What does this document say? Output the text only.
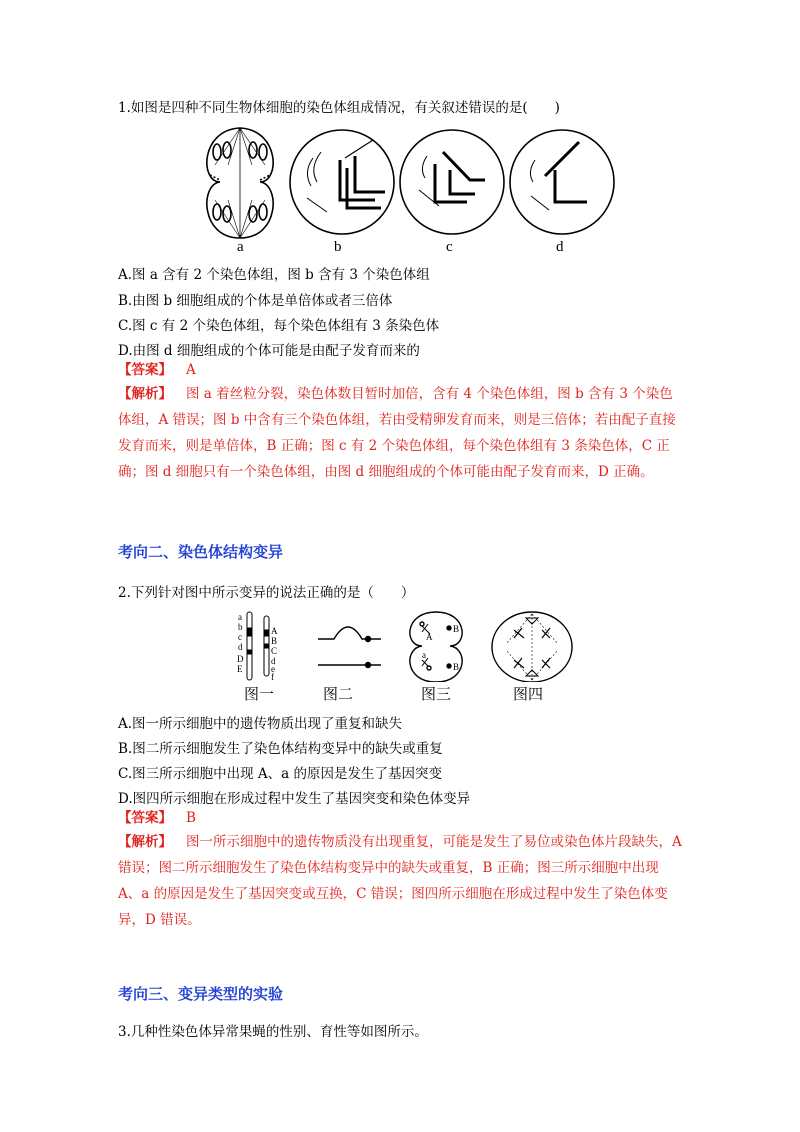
1.如图是四种不同生物体细胞的染色体组成情况，有关叙述错误的是(　　)
a	b	c	d
A.图 a 含有 2 个染色体组，图 b 含有 3 个染色体组
B.由图 b 细胞组成的个体是单倍体或者三倍体
C.图 c 有 2 个染色体组，每个染色体组有 3 条染色体
D.由图 d 细胞组成的个体可能是由配子发育而来的
【答案】 A
【解析】 图 a 着丝粒分裂，染色体数目暂时加倍，含有 4 个染色体组，图 b 含有 3 个染色体组，A 错误；图 b 中含有三个染色体组，若由受精卵发育而来，则是三倍体；若由配子直接发育而来，则是单倍体，B 正确；图 c 有 2 个染色体组，每个染色体组有 3 条染色体，C 正确；图 d 细胞只有一个染色体组，由图 d 细胞组成的个体可能由配子发育而来，D 正确。
考向二、染色体结构变异
2.下列针对图中所示变异的说法正确的是（　　）
a
b
c
d
D
E
A
B
C
d
e
f
A
B
a
B
图一	图二	图三	图四
A.图一所示细胞中的遗传物质出现了重复和缺失
B.图二所示细胞发生了染色体结构变异中的缺失或重复
C.图三所示细胞中出现 A、a 的原因是发生了基因突变
D.图四所示细胞在形成过程中发生了基因突变和染色体变异
【答案】 B
【解析】 图一所示细胞中的遗传物质没有出现重复，可能是发生了易位或染色体片段缺失，A 错误；图二所示细胞发生了染色体结构变异中的缺失或重复，B 正确；图三所示细胞中出现 A、a 的原因是发生了基因突变或互换，C 错误；图四所示细胞在形成过程中发生了染色体变异，D 错误。
考向三、变异类型的实验
3.几种性染色体异常果蝇的性别、育性等如图所示。
